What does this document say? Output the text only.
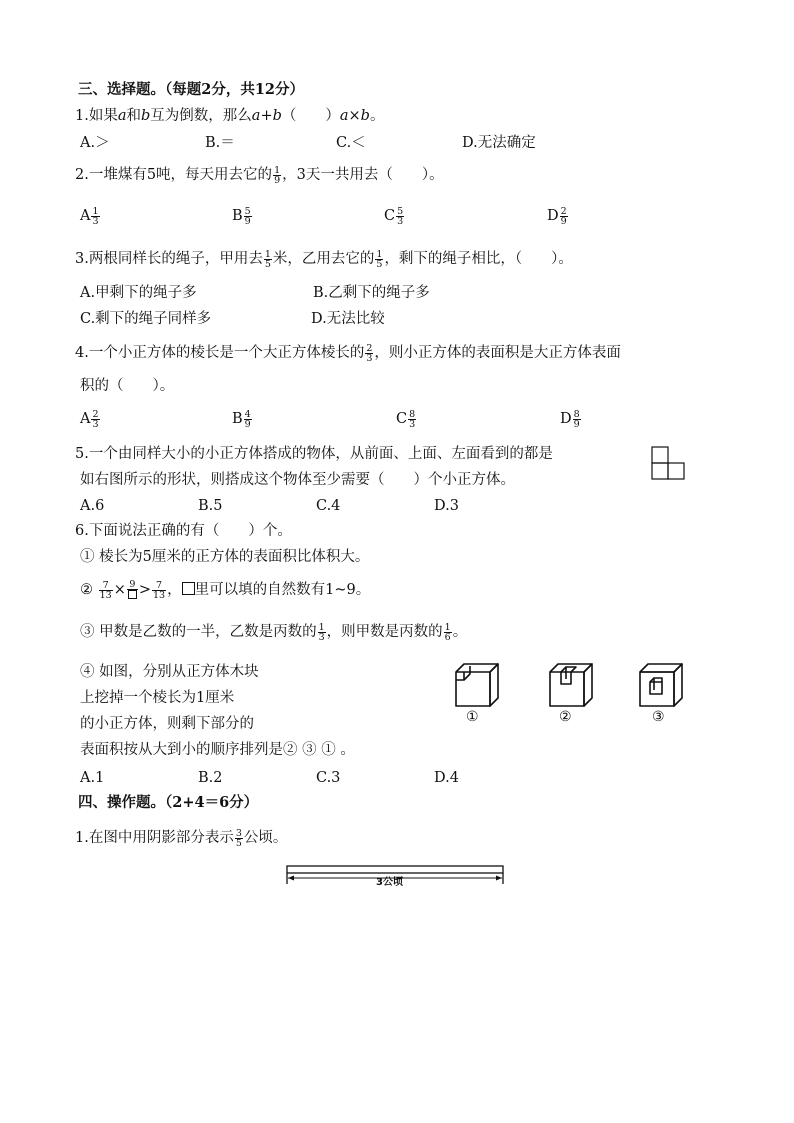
三、选择题。（每题2分，共12分）
1.如果a和b互为倒数，那么a+b（　　）a×b。
A.＞	B.＝	C.＜	D.无法确定
2.一堆煤有5吨，每天用去它的 $\frac{1}{9}$ ，3天一共用去（　　）。
A $\frac{1}{3}$	B $\frac{5}{9}$	C $\frac{5}{3}$	D $\frac{2}{9}$
3.两根同样长的绳子，甲用去 $\frac{1}{5}$ 米，乙用去它的 $\frac{1}{5}$ ，剩下的绳子相比，（　　）。
A.甲剩下的绳子多	B.乙剩下的绳子多
C.剩下的绳子同样多	D.无法比较
4.一个小正方体的棱长是一个大正方体棱长的 $\frac{2}{3}$ ，则小正方体的表面积是大正方体表面
积的（　　）。
A $\frac{2}{3}$	B $\frac{4}{9}$	C $\frac{8}{3}$	D $\frac{8}{9}$
5.一个由同样大小的小正方体搭成的物体，从前面、上面、左面看到的都是
如右图所示的形状，则搭成这个物体至少需要（　　）个小正方体。
A.6	B.5	C.4	D.3
6.下面说法正确的有（　　）个。
① 棱长为5厘米的正方体的表面积比体积大。
② $\frac{7}{13} \times 9 > \frac{7}{13}$ ， 里可以填的自然数有1~9。
③ 甲数是乙数的一半，乙数是丙数的 $\frac{1}{3}$ ，则甲数是丙数的 $\frac{1}{6}$ 。
④ 如图，分别从正方体木块
上挖掉一个棱长为1厘米
的小正方体，则剩下部分的
表面积按从大到小的顺序排列是② ③ ① 。
①	②	③
A.1	B.2	C.3	D.4
四、操作题。（2+4＝6分）
1.在图中用阴影部分表示 $\frac{3}{5}$ 公顷。
3公顷
